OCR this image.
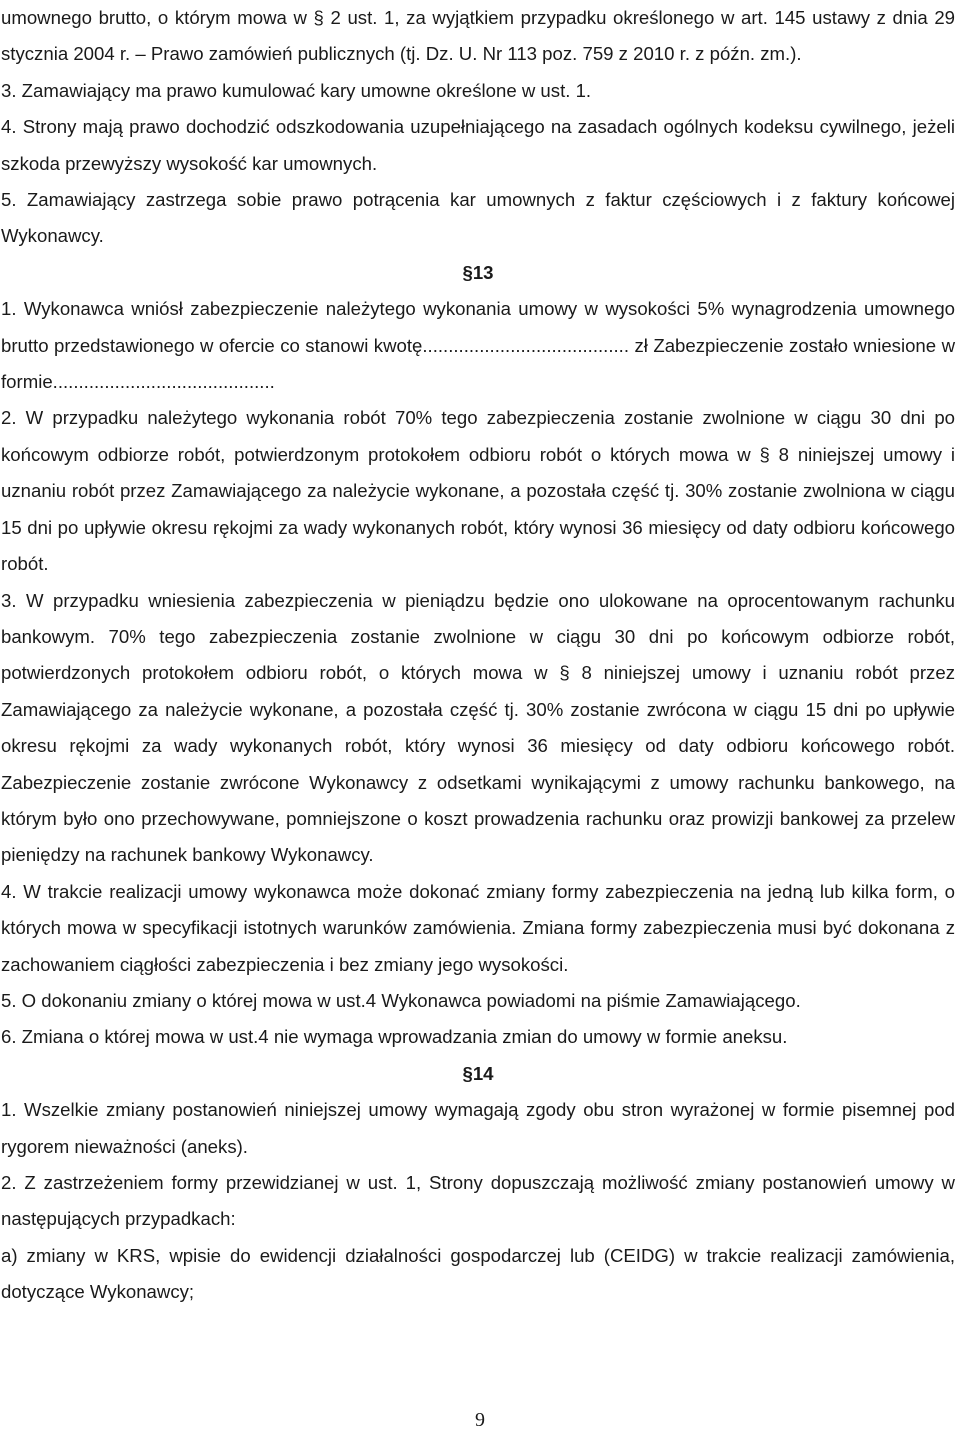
umownego brutto, o którym mowa w § 2 ust. 1, za wyjątkiem przypadku określonego w art. 145 ustawy z dnia 29 stycznia 2004 r. – Prawo zamówień publicznych (tj. Dz. U. Nr 113 poz. 759 z 2010 r. z późn. zm.).

3. Zamawiający ma prawo kumulować kary umowne określone w ust. 1.

4. Strony mają prawo dochodzić odszkodowania uzupełniającego na zasadach ogólnych kodeksu cywilnego, jeżeli szkoda przewyższy wysokość kar umownych.

5. Zamawiający zastrzega sobie prawo potrącenia kar umownych z faktur częściowych i z faktury końcowej Wykonawcy.

§13

1. Wykonawca wniósł zabezpieczenie należytego wykonania umowy w wysokości 5% wynagrodzenia umownego brutto przedstawionego w ofercie co stanowi kwotę........................................ zł Zabezpieczenie zostało wniesione w formie...........................................

2. W przypadku należytego wykonania robót 70% tego zabezpieczenia zostanie zwolnione w ciągu 30 dni po końcowym odbiorze robót, potwierdzonym protokołem odbioru robót o których mowa w § 8 niniejszej umowy i uznaniu robót przez Zamawiającego za należycie wykonane, a pozostała część tj. 30% zostanie zwolniona w ciągu 15 dni po upływie okresu rękojmi za wady wykonanych robót, który wynosi 36 miesięcy od daty odbioru końcowego robót.

3. W przypadku wniesienia zabezpieczenia w pieniądzu będzie ono ulokowane na oprocentowanym rachunku bankowym. 70% tego zabezpieczenia zostanie zwolnione w ciągu 30 dni po końcowym odbiorze robót, potwierdzonych protokołem odbioru robót, o których mowa w § 8 niniejszej umowy i uznaniu robót przez Zamawiającego za należycie wykonane, a pozostała część tj. 30% zostanie zwrócona w ciągu 15 dni po upływie okresu rękojmi za wady wykonanych robót, który wynosi 36 miesięcy od daty odbioru końcowego robót. Zabezpieczenie zostanie zwrócone Wykonawcy z odsetkami wynikającymi z umowy rachunku bankowego, na którym było ono przechowywane, pomniejszone o koszt prowadzenia rachunku oraz prowizji bankowej za przelew pieniędzy na rachunek bankowy Wykonawcy.

4. W trakcie realizacji umowy wykonawca może dokonać zmiany formy zabezpieczenia na jedną lub kilka form, o których mowa w specyfikacji istotnych warunków zamówienia. Zmiana formy zabezpieczenia musi być dokonana z zachowaniem ciągłości zabezpieczenia i bez zmiany jego wysokości.

5. O dokonaniu zmiany o której mowa w ust.4 Wykonawca powiadomi na piśmie Zamawiającego.

6. Zmiana o której mowa w ust.4 nie wymaga wprowadzania zmian do umowy w formie aneksu.

§14

1. Wszelkie zmiany postanowień niniejszej umowy wymagają zgody obu stron wyrażonej w formie pisemnej pod rygorem nieważności (aneks).

2. Z zastrzeżeniem formy przewidzianej w ust. 1, Strony dopuszczają możliwość zmiany postanowień umowy w następujących przypadkach:

a) zmiany w KRS, wpisie do ewidencji działalności gospodarczej lub (CEIDG) w trakcie realizacji zamówienia, dotyczące Wykonawcy;

9
